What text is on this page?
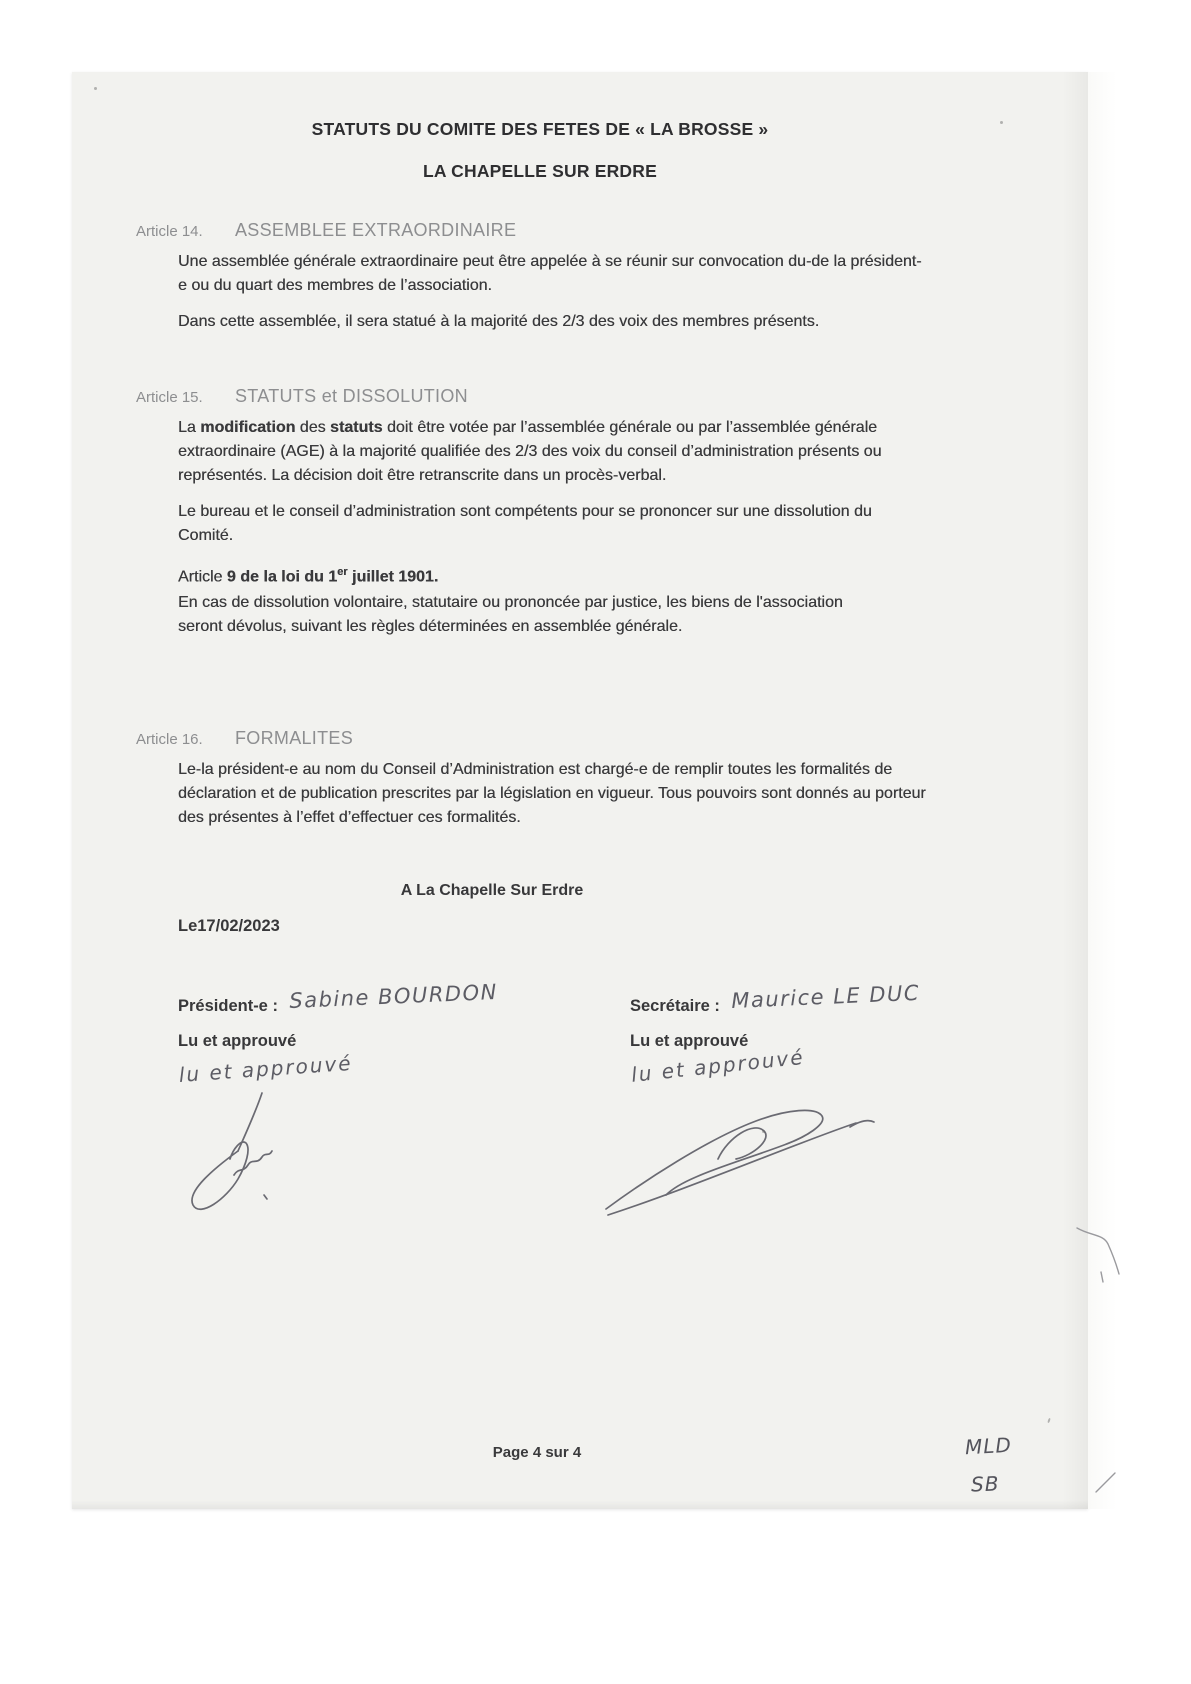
STATUTS DU COMITE DES FETES DE « LA BROSSE »
LA CHAPELLE SUR ERDRE
Article 14.	ASSEMBLEE EXTRAORDINAIRE

Une assemblée générale extraordinaire peut être appelée à se réunir sur convocation du-de la président-e ou du quart des membres de l’association.

Dans cette assemblée, il sera statué à la majorité des 2/3 des voix des membres présents.

Article 15.	STATUTS et DISSOLUTION

La modification des statuts doit être votée par l’assemblée générale ou par l’assemblée générale extraordinaire (AGE) à la majorité qualifiée des 2/3 des voix du conseil d’administration présents ou représentés. La décision doit être retranscrite dans un procès-verbal.

Le bureau et le conseil d’administration sont compétents pour se prononcer sur une dissolution du Comité.

Article 9 de la loi du 1er juillet 1901.

En cas de dissolution volontaire, statutaire ou prononcée par justice, les biens de l'association seront dévolus, suivant les règles déterminées en assemblée générale.

Article 16.	FORMALITES

Le-la président-e au nom du Conseil d’Administration est chargé-e de remplir toutes les formalités de déclaration et de publication prescrites par la législation en vigueur. Tous pouvoirs sont donnés au porteur des présentes à l’effet d’effectuer ces formalités.

A La Chapelle Sur Erdre
Le17/02/2023
Président-e : Sabine BOURDON
Lu et approuvé
lu et approuvé
Secrétaire : Maurice LE DUC
Lu et approuvé
lu et approuvé
Page 4 sur 4	MLD
SB
